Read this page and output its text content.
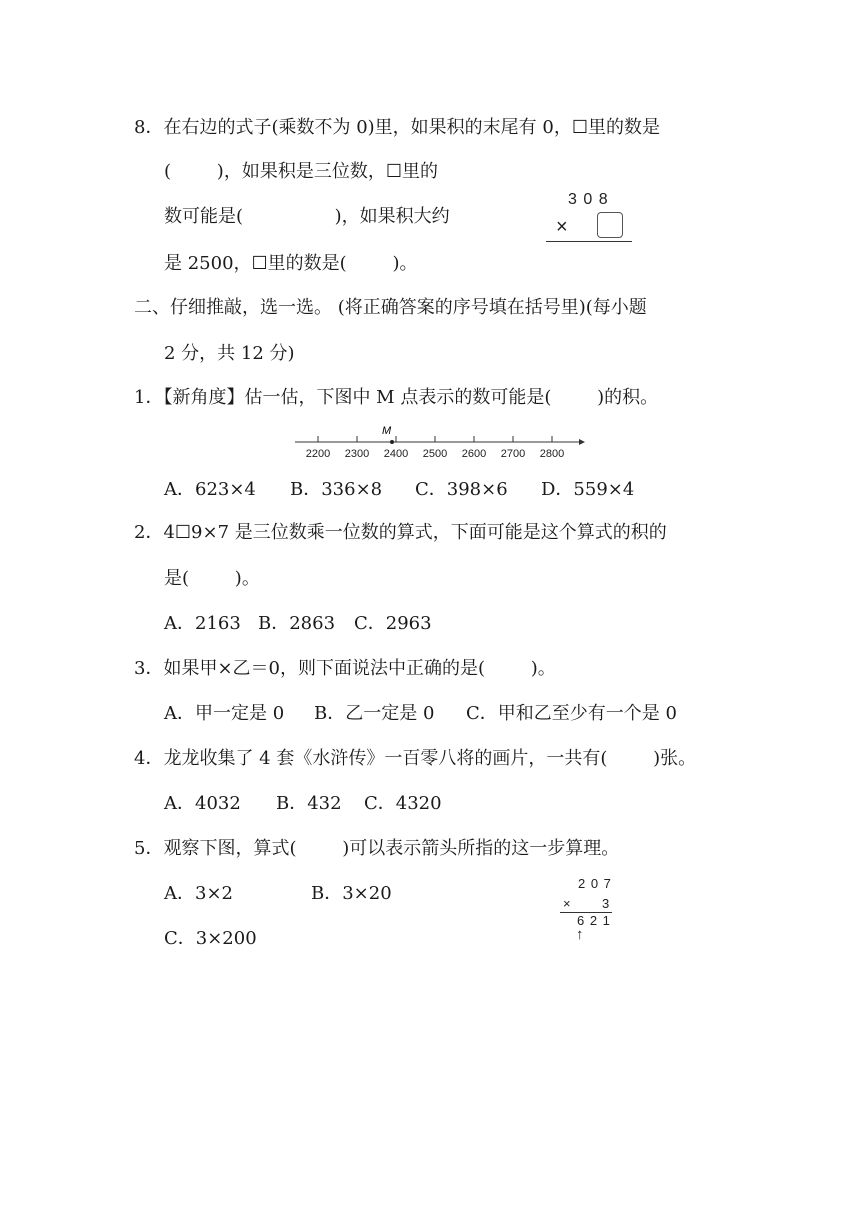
8．在右边的式子(乘数不为 0)里，如果积的末尾有 0，☐里的数是
(        )，如果积是三位数，☐里的
数可能是(                )，如果积大约
是 2500，☐里的数是(        )。
3 0 8
×
二、仔细推敲，选一选。 (将正确答案的序号填在括号里)(每小题
2 分，共 12 分)
1．【新角度】估一估，下图中 M 点表示的数可能是(        )的积。
2200 2300 2400 2500 2600 2700 2800
M
A．623×4 B．336×8 C．398×6 D．559×4
2．4☐9×7 是三位数乘一位数的算式，下面可能是这个算式的积的
是(        )。
A．2163 B．2863 C．2963
3．如果甲×乙＝0，则下面说法中正确的是(        )。
A．甲一定是 0 B．乙一定是 0 C．甲和乙至少有一个是 0
4．龙龙收集了 4 套《水浒传》一百零八将的画片，一共有(        )张。
A．4032 B．432 C．4320
5．观察下图，算式(        )可以表示箭头所指的这一步算理。
A．3×2	B．3×20
C．3×200
2 0 7
× 3
6 2 1
↑
